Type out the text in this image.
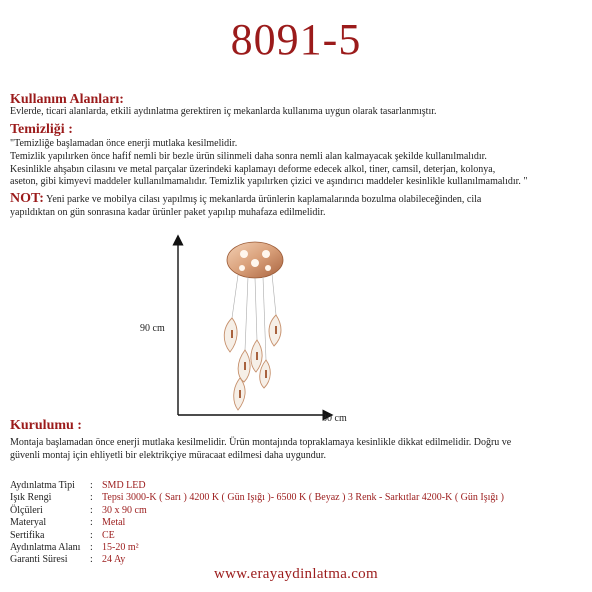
8091-5
Kullanım Alanları:
Evlerde, ticari alanlarda, etkili aydınlatma gerektiren iç mekanlarda kullanıma uygun olarak tasarlanmıştır.
Temizliği :
"Temizliğe başlamadan önce enerji mutlaka kesilmelidir.
Temizlik yapılırken önce hafif nemli bir bezle ürün silinmeli daha sonra nemli alan kalmayacak şekilde kullanılmalıdır.
Kesinlikle ahşabın cilasını ve metal parçalar üzerindeki kaplamayı deforme edecek alkol, tiner, camsil, deterjan, kolonya,
aseton, gibi kimyevi maddeler kullanılmamalıdır. Temizlik yapılırken çizici ve aşındırıcı maddeler kesinlikle kullanılmamalıdır. "
NOT: Yeni parke ve mobilya cilası yapılmış iç mekanlarda ürünlerin kaplamalarında bozulma olabileceğinden, cila
yapıldıktan on gün sonrasına kadar ürünler paket yapılıp muhafaza edilmelidir.
90 cm
30 cm
Kurulumu :
Montaja başlamadan önce enerji mutlaka kesilmelidir. Ürün montajında topraklamaya kesinlikle dikkat edilmelidir. Doğru ve
güvenli montaj için ehliyetli bir elektrikçiye müracaat edilmesi daha uygundur.
Aydınlatma Tipi	: SMD LED
Işık Rengi	: Tepsi 3000-K ( Sarı ) 4200 K ( Gün Işığı )- 6500 K ( Beyaz ) 3 Renk - Sarkıtlar 4200-K ( Gün Işığı )
Ölçüleri	: 30 x 90 cm
Materyal	: Metal
Sertifika	: CE
Aydınlatma Alanı : 15-20 m²
Garanti Süresi	: 24 Ay
www.erayaydinlatma.com
